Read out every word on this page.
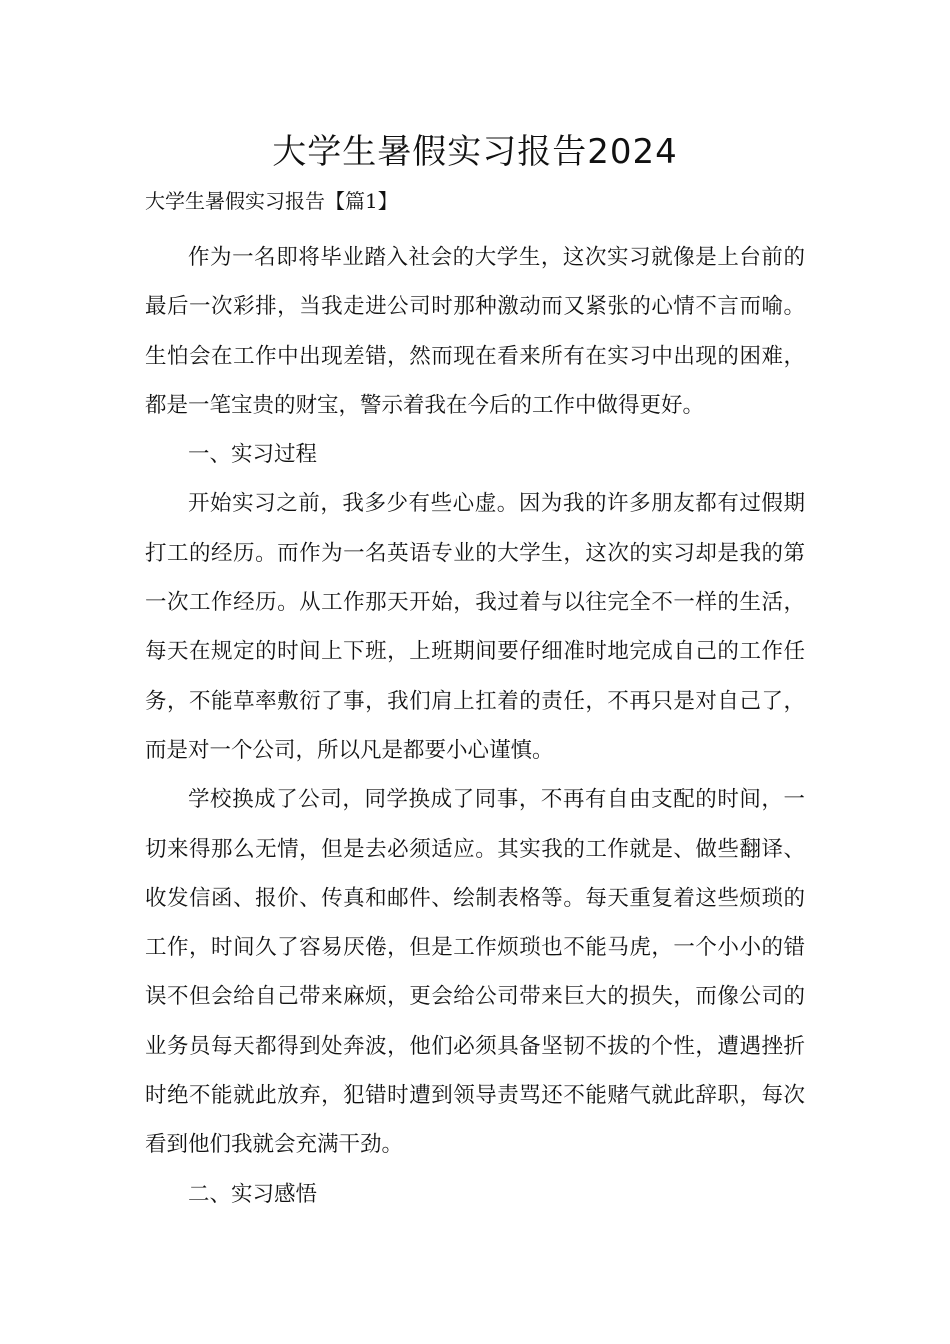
大学生暑假实习报告2024
大学生暑假实习报告【篇1】

作为一名即将毕业踏入社会的大学生，这次实习就像是上台前的最后一次彩排，当我走进公司时那种激动而又紧张的心情不言而喻。生怕会在工作中出现差错，然而现在看来所有在实习中出现的困难，都是一笔宝贵的财宝，警示着我在今后的工作中做得更好。

一、实习过程

开始实习之前，我多少有些心虚。因为我的许多朋友都有过假期打工的经历。而作为一名英语专业的大学生，这次的实习却是我的第一次工作经历。从工作那天开始，我过着与以往完全不一样的生活，每天在规定的时间上下班，上班期间要仔细准时地完成自己的工作任务，不能草率敷衍了事，我们肩上扛着的责任，不再只是对自己了，而是对一个公司，所以凡是都要小心谨慎。

学校换成了公司，同学换成了同事，不再有自由支配的时间，一切来得那么无情，但是去必须适应。其实我的工作就是、做些翻译、收发信函、报价、传真和邮件、绘制表格等。每天重复着这些烦琐的工作，时间久了容易厌倦，但是工作烦琐也不能马虎，一个小小的错误不但会给自己带来麻烦，更会给公司带来巨大的损失，而像公司的业务员每天都得到处奔波，他们必须具备坚韧不拔的个性，遭遇挫折时绝不能就此放弃，犯错时遭到领导责骂还不能赌气就此辞职，每次看到他们我就会充满干劲。

二、实习感悟
